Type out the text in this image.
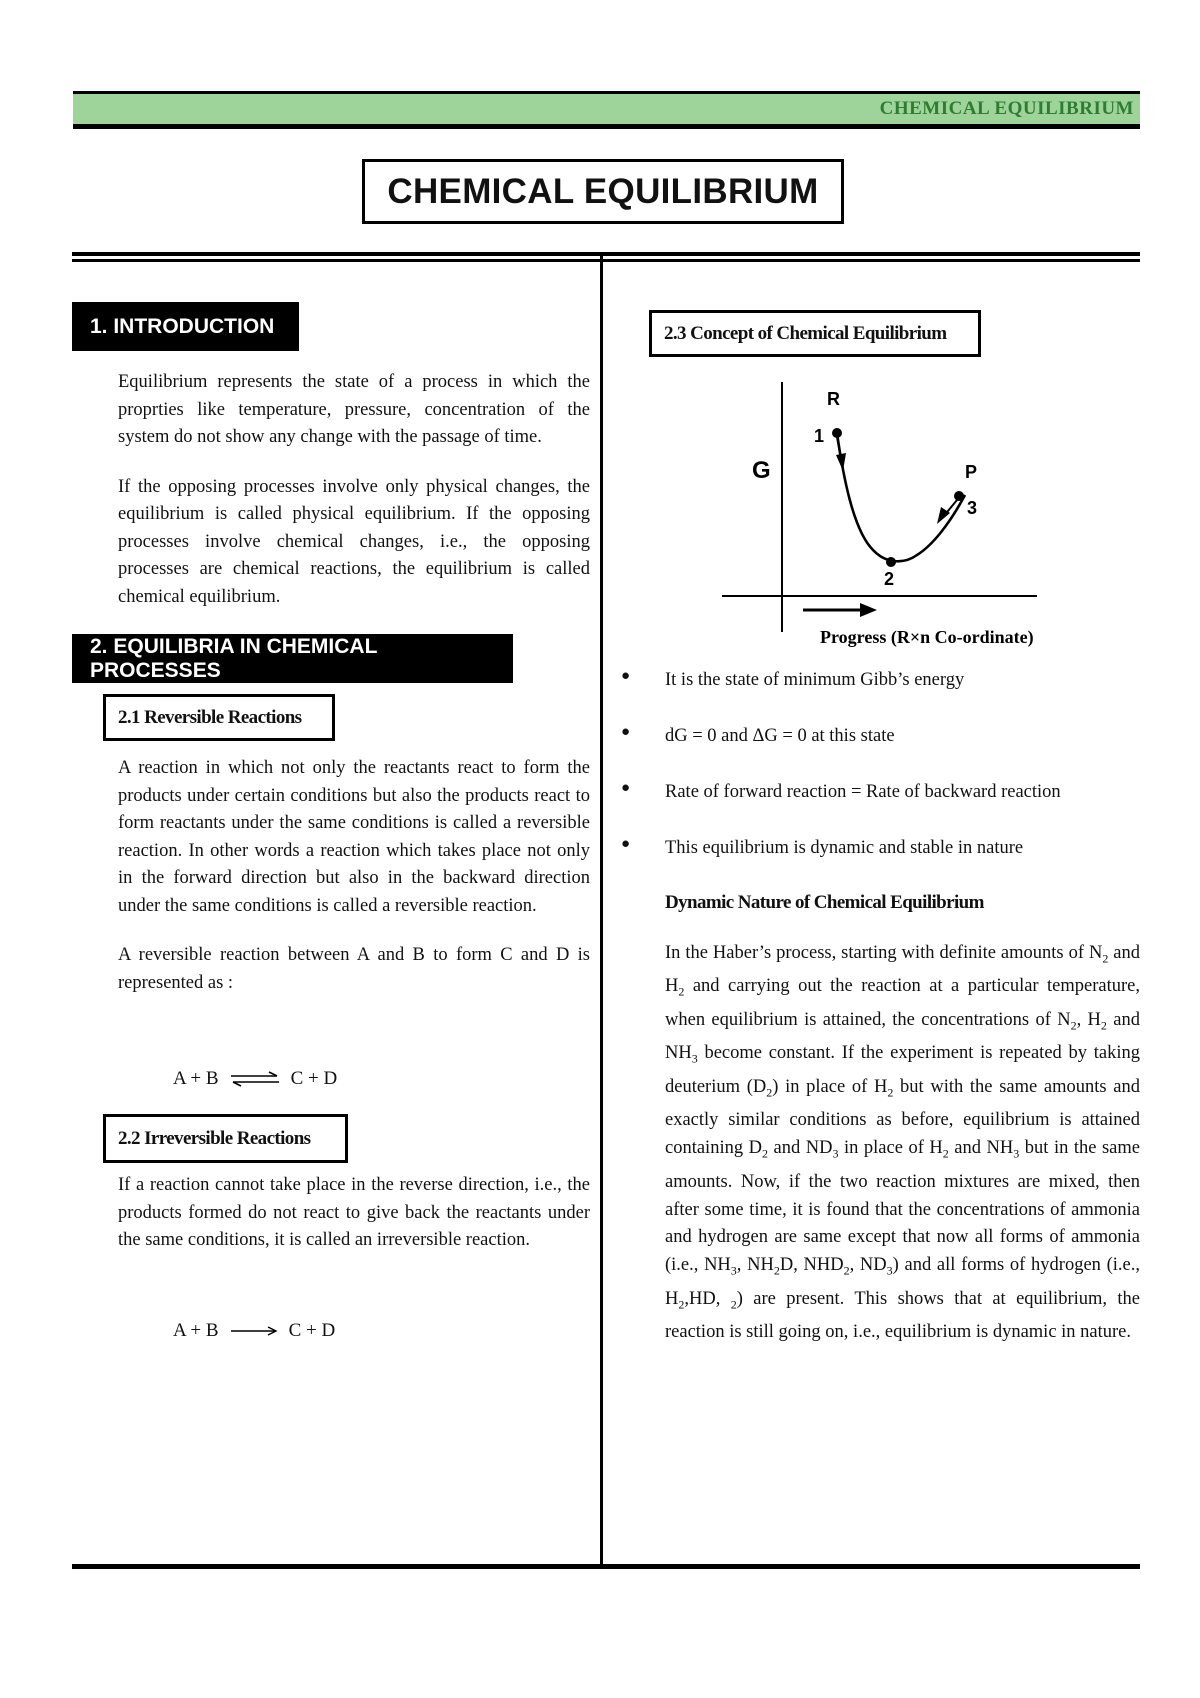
CHEMICAL EQUILIBRIUM
CHEMICAL EQUILIBRIUM
1. INTRODUCTION

Equilibrium represents the state of a process in which the proprties like temperature, pressure, concentration of the system do not show any change with the passage of time.

If the opposing processes involve only physical changes, the equilibrium is called physical equilibrium. If the opposing processes involve chemical changes, i.e., the opposing processes are chemical reactions, the equilibrium is called chemical equilibrium.

2. EQUILIBRIA IN CHEMICAL PROCESSES
2.1 Reversible Reactions

A reaction in which not only the reactants react to form the products under certain conditions but also the products react to form reactants under the same conditions is called a reversible reaction. In other words a reaction which takes place not only in the forward direction but also in the backward direction under the same conditions is called a reversible reaction.

A reversible reaction between A and B to form C and D is represented as :

A + B ⇌ C + D
2.2 Irreversible Reactions

If a reaction cannot take place in the reverse direction, i.e., the products formed do not react to give back the reactants under the same conditions, it is called an irreversible reaction.

A + B	C + D
2.3 Concept of Chemical Equilibrium
G
R
1
P
3
2
Progress (R×n Co-ordinate)
● It is the state of minimum Gibb’s energy
● dG = 0 and ΔG = 0 at this state
● Rate of forward reaction = Rate of backward reaction
● This equilibrium is dynamic and stable in nature
Dynamic Nature of Chemical Equilibrium
In the Haber’s process, starting with definite amounts of $N_2$ and $H_2$ and carrying out the reaction at a particular temperature, when equilibrium is attained, the concentrations of $N_2$, $H_2$ and $NH_3$ become constant. If the experiment is repeated by taking deuterium $(D_2)$ in place of $H_2$ but with the same amounts and exactly similar conditions as before, equilibrium is attained containing $D_2$ and $ND_3$ in place of $H_2$ and $NH_3$ but in the same amounts. Now, if the two reaction mixtures are mixed, then after some time, it is found that the concentrations of ammonia and hydrogen are same except that now all forms of ammonia (i.e., $NH_3$, $NH_2D$, $NHD_2$, $ND_3$) and all forms of hydrogen (i.e., $H_2,HD$, $_2$) are present. This shows that at equilibrium, the reaction is still going on, i.e., equilibrium is dynamic in nature.
